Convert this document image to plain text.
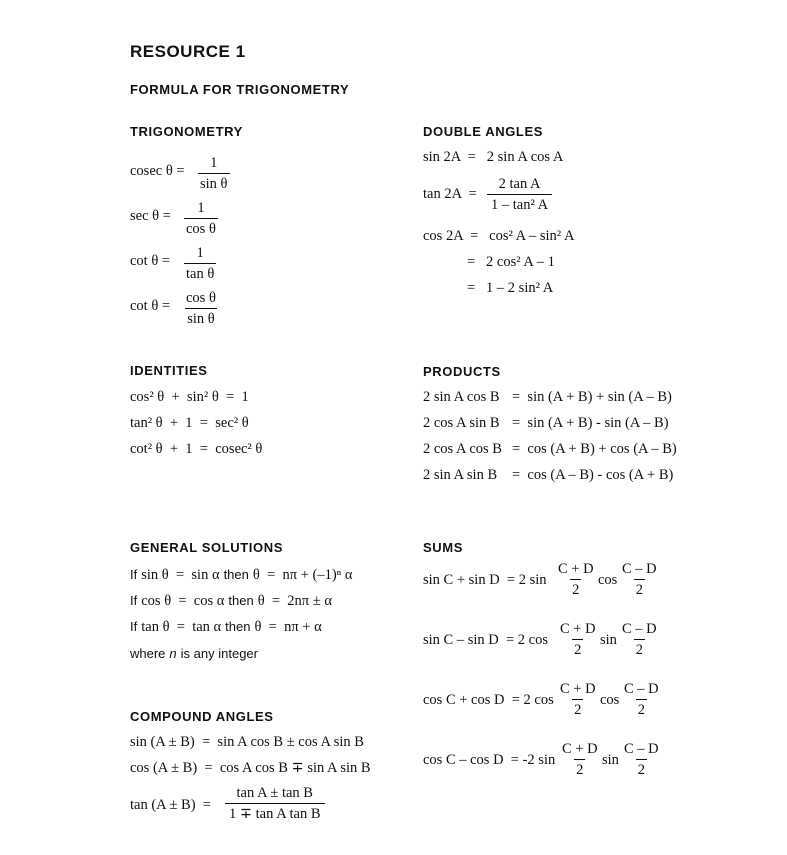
RESOURCE 1
FORMULA FOR TRIGONOMETRY
TRIGONOMETRY
cosec $\theta = \frac{1}{\text{sin θ}}$
$\sec \theta = \frac{1}{\text{cos θ}}$
$\cot \theta = \frac{1}{\text{tan θ}}$
$\cot \theta = \frac{\text{cos θ}}{\text{sin θ}}$
DOUBLE ANGLES
sin 2A  =   2 sin A cos A
$\tan 2A = \frac{\text{2 tan A}}{\text{1 – tan² A}}$
cos 2A  =   cos² A – sin² A
=   2 cos² A – 1
=   1 – 2 sin² A
IDENTITIES
cos² θ  +  sin² θ  =  1
tan² θ  +  1  =  sec² θ
cot² θ  +  1  =  cosec² θ
PRODUCTS
2 sin A cos B =  sin (A + B) + sin (A – B)
2 cos A sin B =  sin (A + B) - sin (A – B)
2 cos A cos B =  cos (A + B) + cos (A – B)
2 sin A sin B =  cos (A – B) - cos (A + B)
GENERAL SOLUTIONS
If sin θ  =  sin α then θ  =  nπ + (–1)ⁿ α
If cos θ  =  cos α then θ  =  2nπ ± α
If tan θ  =  tan α then θ  =  nπ + α
where n is any integer
COMPOUND ANGLES
sin (A ± B)  =  sin A cos B ± cos A sin B
cos (A ± B)  =  cos A cos B ∓ sin A sin B
$\tan (A \pm B) = \frac{\text{tan A ± tan B}}{\text{1 ∓ tan A tan B}}$
SUMS
sin C + sin D  = 2 $\sin \frac{C + D}{2}$ $\cos \frac{C - D}{2}$
sin C – sin D  = 2 $\cos \frac{C + D}{2}$ $\sin \frac{C - D}{2}$
cos C + cos D  = 2 $\cos \frac{C + D}{2}$ $\cos \frac{C - D}{2}$
cos C – cos D  = -2 $\sin \frac{C + D}{2}$ $\sin \frac{C - D}{2}$
